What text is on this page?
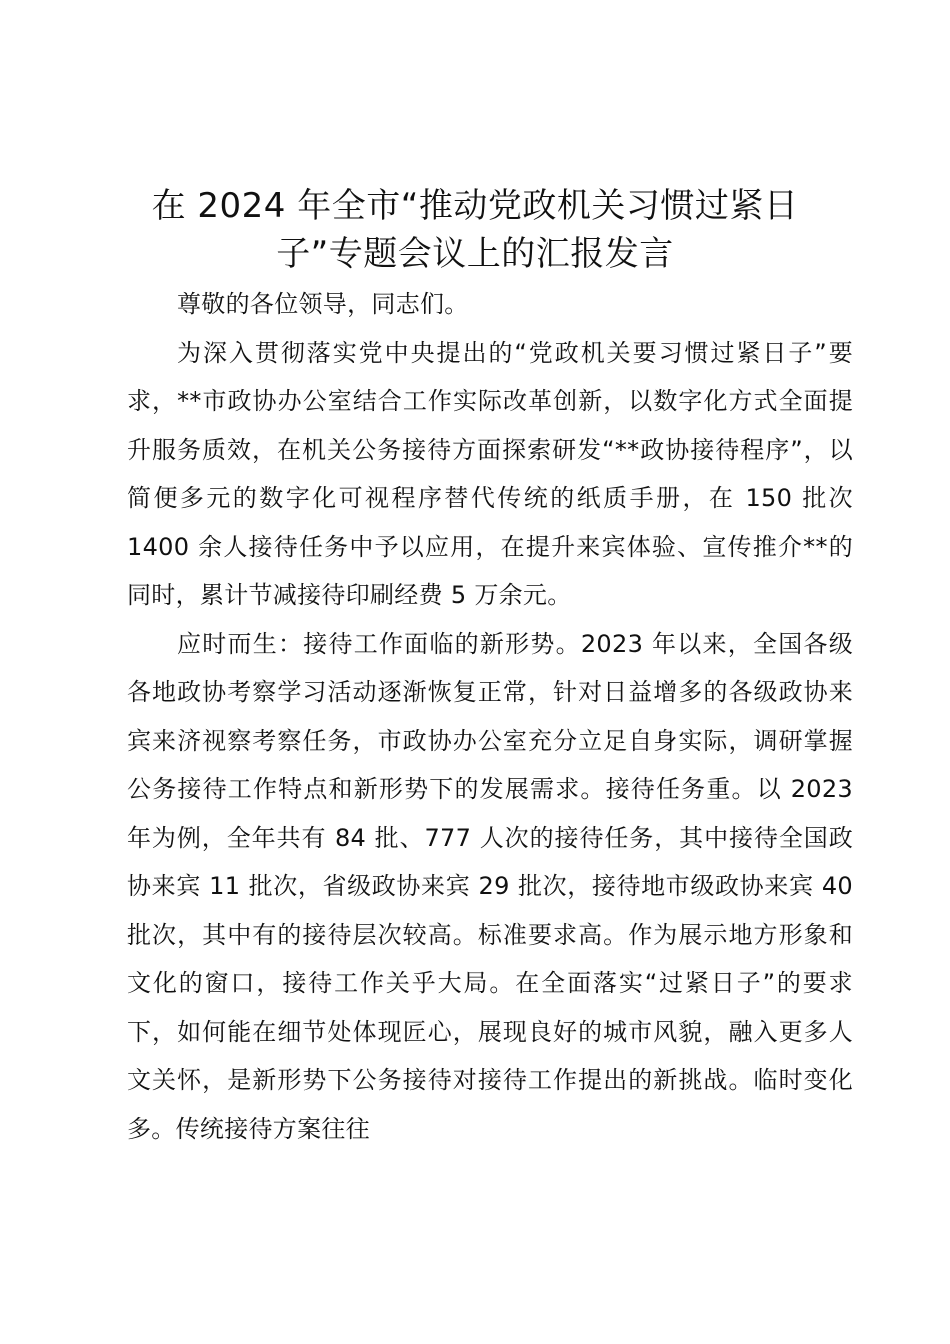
在 2024 年全市“推动党政机关习惯过紧日子”专题会议上的汇报发言

尊敬的各位领导，同志们。

为深入贯彻落实党中央提出的“党政机关要习惯过紧日子”要求，**市政协办公室结合工作实际改革创新，以数字化方式全面提升服务质效，在机关公务接待方面探索研发“**政协接待程序”，以简便多元的数字化可视程序替代传统的纸质手册，在 150 批次 1400 余人接待任务中予以应用，在提升来宾体验、宣传推介**的同时，累计节减接待印刷经费 5 万余元。

应时而生：接待工作面临的新形势。2023 年以来，全国各级各地政协考察学习活动逐渐恢复正常，针对日益增多的各级政协来宾来济视察考察任务，市政协办公室充分立足自身实际，调研掌握公务接待工作特点和新形势下的发展需求。接待任务重。以 2023 年为例，全年共有 84 批、777 人次的接待任务，其中接待全国政协来宾 11 批次，省级政协来宾 29 批次，接待地市级政协来宾 40 批次，其中有的接待层次较高。标准要求高。作为展示地方形象和文化的窗口，接待工作关乎大局。在全面落实“过紧日子”的要求下，如何能在细节处体现匠心，展现良好的城市风貌，融入更多人文关怀，是新形势下公务接待对接待工作提出的新挑战。临时变化多。传统接待方案往往
